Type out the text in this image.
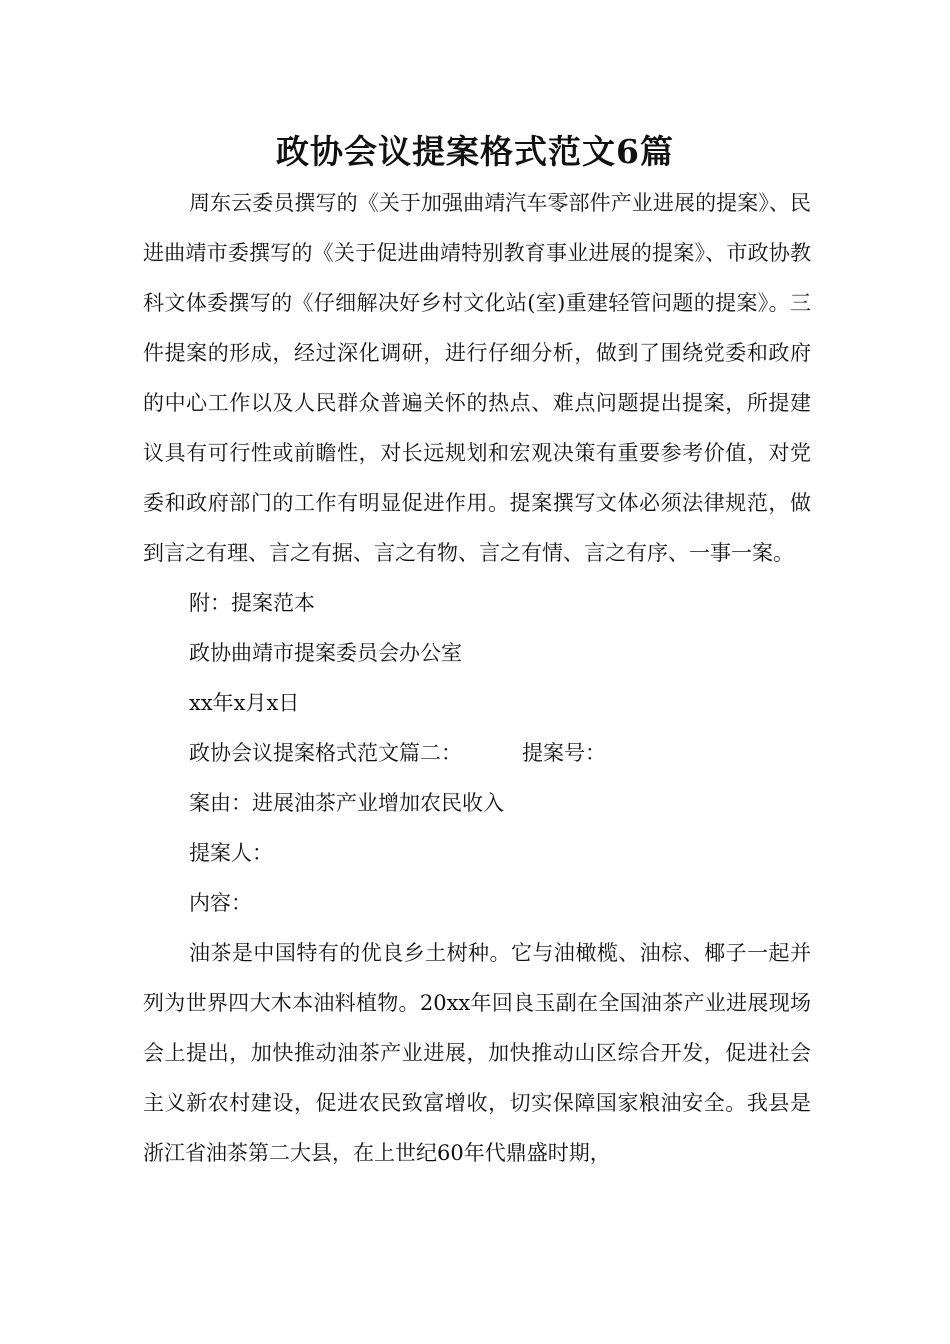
政协会议提案格式范文6篇

周东云委员撰写的《关于加强曲靖汽车零部件产业进展的提案》、民进曲靖市委撰写的《关于促进曲靖特别教育事业进展的提案》、市政协教科文体委撰写的《仔细解决好乡村文化站(室)重建轻管问题的提案》。三件提案的形成，经过深化调研，进行仔细分析，做到了围绕党委和政府的中心工作以及人民群众普遍关怀的热点、难点问题提出提案，所提建议具有可行性或前瞻性，对长远规划和宏观决策有重要参考价值，对党委和政府部门的工作有明显促进作用。提案撰写文体必须法律规范，做到言之有理、言之有据、言之有物、言之有情、言之有序、一事一案。

附：提案范本

政协曲靖市提案委员会办公室

xx年x月x日

政协会议提案格式范文篇二：	提案号：

案由：进展油茶产业增加农民收入

提案人：

内容：

油茶是中国特有的优良乡土树种。它与油橄榄、油棕、椰子一起并列为世界四大木本油料植物。20xx年回良玉副在全国油茶产业进展现场会上提出，加快推动油茶产业进展，加快推动山区综合开发，促进社会主义新农村建设，促进农民致富增收，切实保障国家粮油安全。我县是浙江省油茶第二大县，在上世纪60年代鼎盛时期，
